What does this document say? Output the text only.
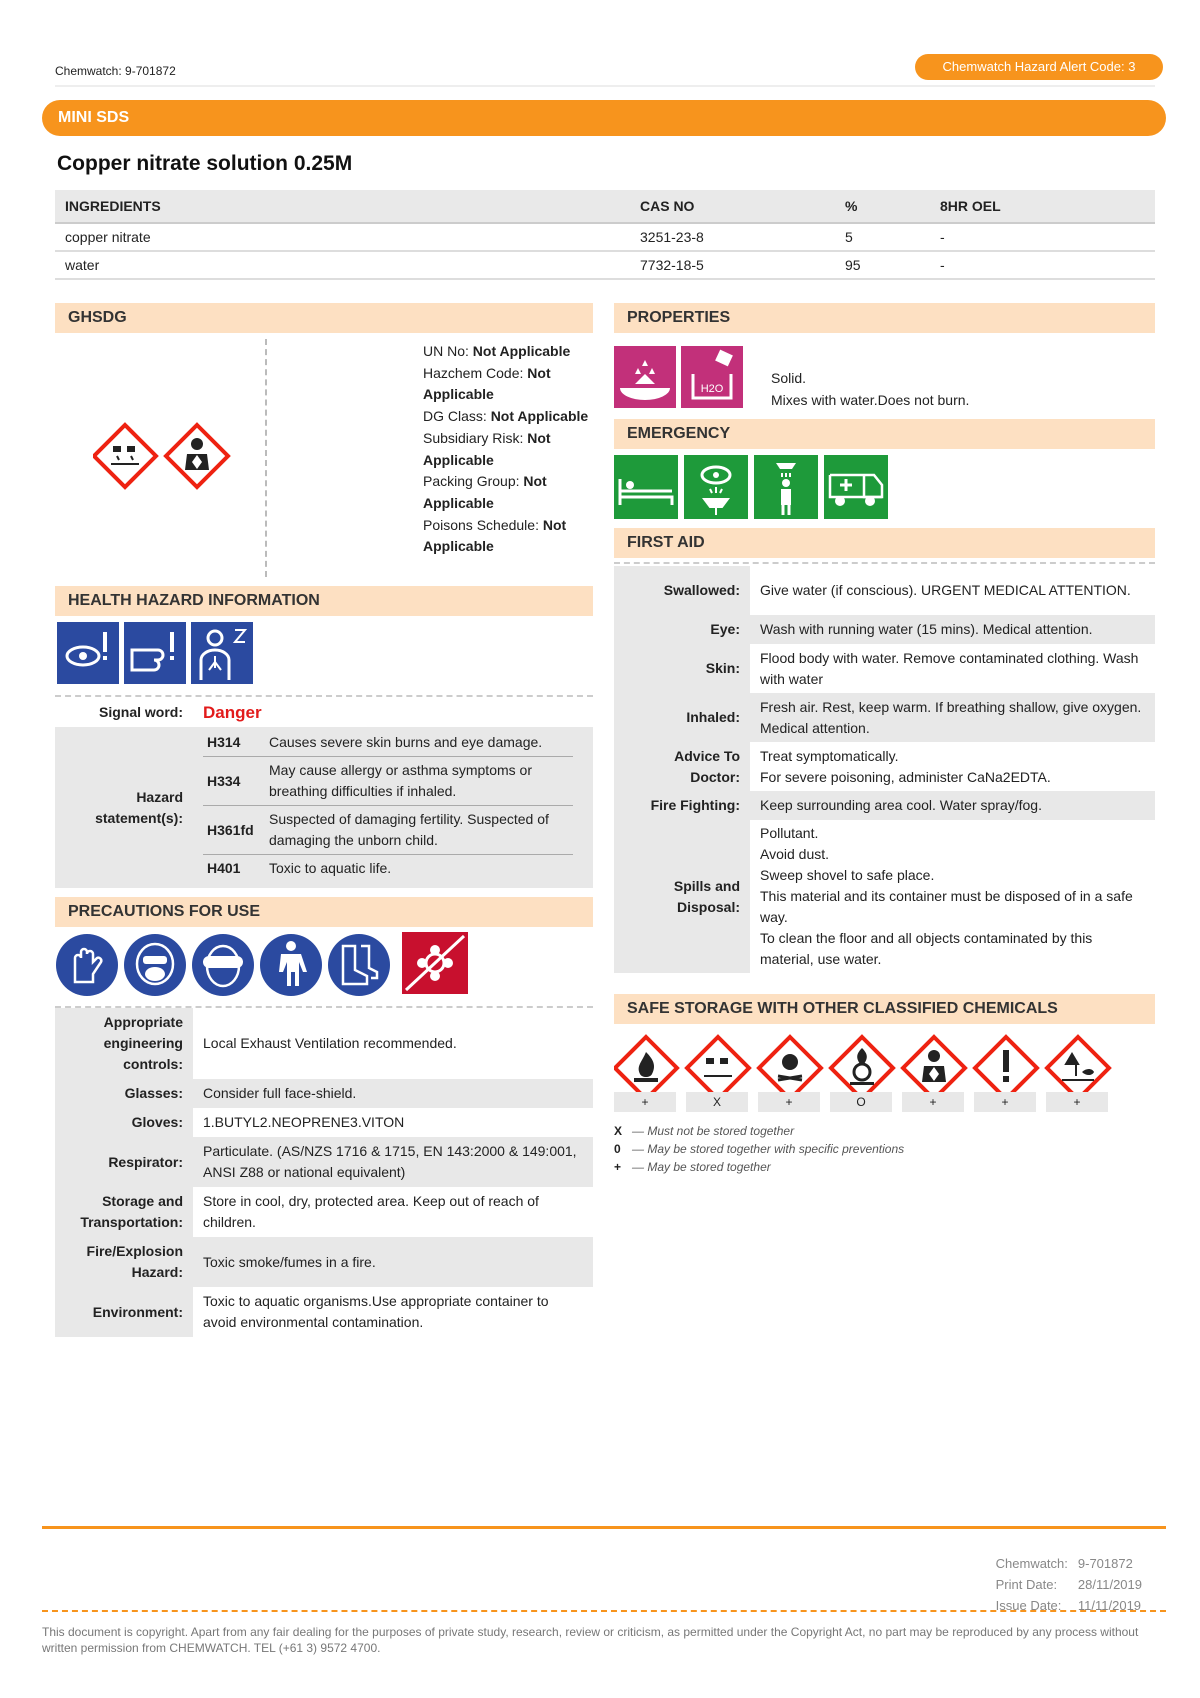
Chemwatch: 9-701872	Chemwatch Hazard Alert Code: 3
MINI SDS
Copper nitrate solution 0.25M
INGREDIENTS	CAS NO	%	8HR OEL
copper nitrate	3251-23-8	5	-
water	7732-18-5	95	-
GHSDG
UN No: Not Applicable
Hazchem Code: Not Applicable
DG Class: Not Applicable
Subsidiary Risk: Not Applicable
Packing Group: Not Applicable
Poisons Schedule: Not Applicable
HEALTH HAZARD INFORMATION
Signal word:	Danger
Hazard statement(s):	
H314	Causes severe skin burns and eye damage.
H334	May cause allergy or asthma symptoms or breathing difficulties if inhaled.
H361fd	Suspected of damaging fertility. Suspected of damaging the unborn child.
H401	Toxic to aquatic life.
PRECAUTIONS FOR USE
Appropriate engineering controls:	Local Exhaust Ventilation recommended.
Glasses:	Consider full face-shield.
Gloves:	1.BUTYL2.NEOPRENE3.VITON
Respirator:	Particulate. (AS/NZS 1716 & 1715, EN 143:2000 & 149:001, ANSI Z88 or national equivalent)
Storage and Transportation:	Store in cool, dry, protected area. Keep out of reach of children.
Fire/Explosion Hazard:	Toxic smoke/fumes in a fire.
Environment:	Toxic to aquatic organisms.Use appropriate container to avoid environmental contamination.
PROPERTIES
H2O
Solid.
Mixes with water.Does not burn.
EMERGENCY
FIRST AID
Swallowed:	Give water (if conscious). URGENT MEDICAL ATTENTION.
Eye:	Wash with running water (15 mins). Medical attention.
Skin:	Flood body with water. Remove contaminated clothing. Wash with water
Inhaled:	Fresh air. Rest, keep warm. If breathing shallow, give oxygen. Medical attention.
Advice To Doctor:	Treat symptomatically.
For severe poisoning, administer CaNa2EDTA.
Fire Fighting:	Keep surrounding area cool. Water spray/fog.
Spills and Disposal:	Pollutant.
Avoid dust.
Sweep shovel to safe place.
This material and its container must be disposed of in a safe way.
To clean the floor and all objects contaminated by this material, use water.
SAFE STORAGE WITH OTHER CLASSIFIED CHEMICALS
+	X	+	O	+	+	+
X — Must not be stored together
0 — May be stored together with specific preventions
+ — May be stored together
Chemwatch:	9-701872
Print Date:	28/11/2019
Issue Date:	11/11/2019
This document is copyright. Apart from any fair dealing for the purposes of private study, research, review or criticism, as permitted under the Copyright Act, no part may be reproduced by any process without written permission from CHEMWATCH. TEL (+61 3) 9572 4700.
